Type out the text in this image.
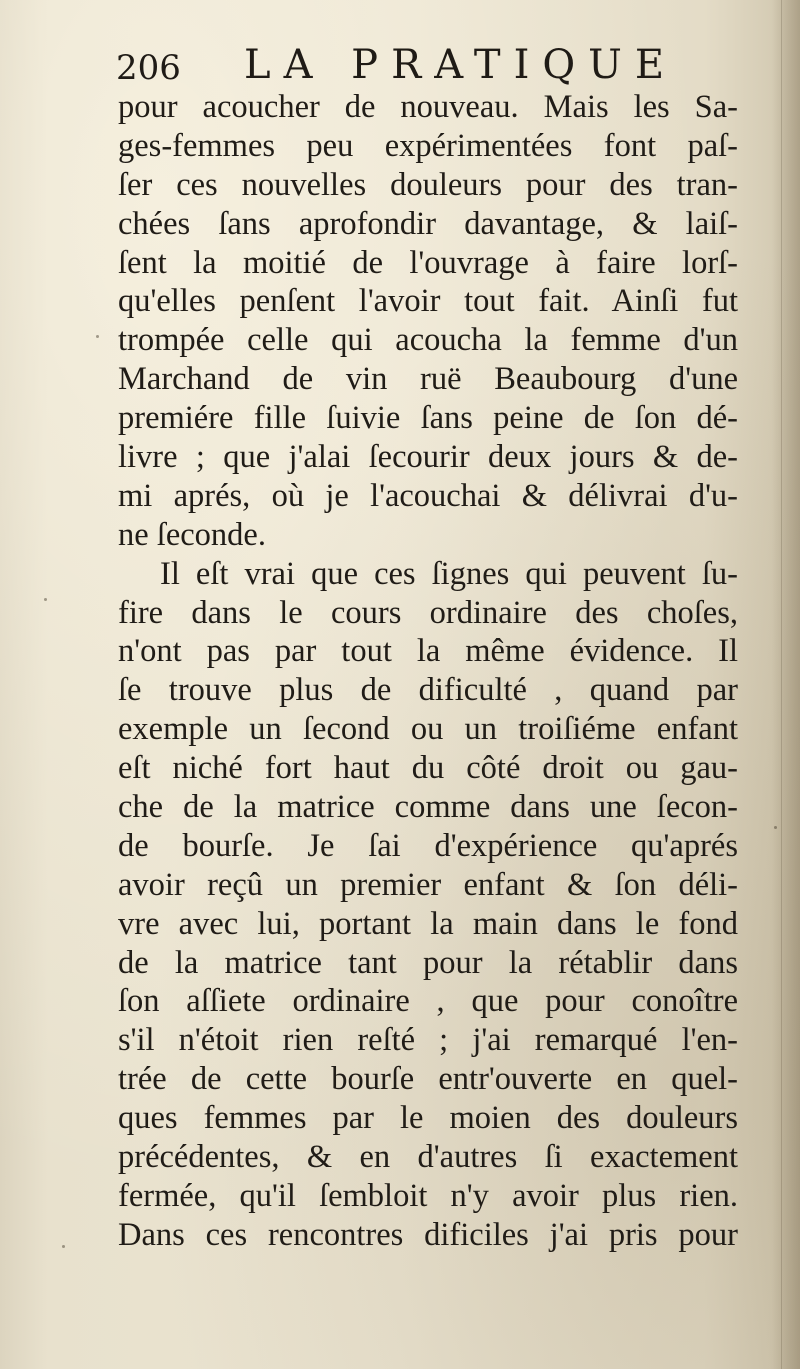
206 LA PRATIQUE
pour acoucher de nouveau. Mais les Sa-
ges-femmes peu expérimentées font paſ-
ſer ces nouvelles douleurs pour des tran-
chées ſans aprofondir davantage, & laiſ-
ſent la moitié de l'ouvrage à faire lorſ-
qu'elles penſent l'avoir tout fait. Ainſi fut
trompée celle qui acoucha la femme d'un
Marchand de vin ruë Beaubourg d'une
premiére fille ſuivie ſans peine de ſon dé-
livre ; que j'alai ſecourir deux jours & de-
mi aprés, où je l'acouchai & délivrai d'u-
ne ſeconde.
Il eſt vrai que ces ſignes qui peuvent ſu-
fire dans le cours ordinaire des choſes,
n'ont pas par tout la même évidence. Il
ſe trouve plus de dificulté , quand par
exemple un ſecond ou un troiſiéme enfant
eſt niché fort haut du côté droit ou gau-
che de la matrice comme dans une ſecon-
de bourſe. Je ſai d'expérience qu'aprés
avoir reçû un premier enfant & ſon déli-
vre avec lui, portant la main dans le fond
de la matrice tant pour la rétablir dans
ſon aſſiete ordinaire , que pour conoître
s'il n'étoit rien reſté ; j'ai remarqué l'en-
trée de cette bourſe entr'ouverte en quel-
ques femmes par le moien des douleurs
précédentes, & en d'autres ſi exactement
fermée, qu'il ſembloit n'y avoir plus rien.
Dans ces rencontres dificiles j'ai pris pour
